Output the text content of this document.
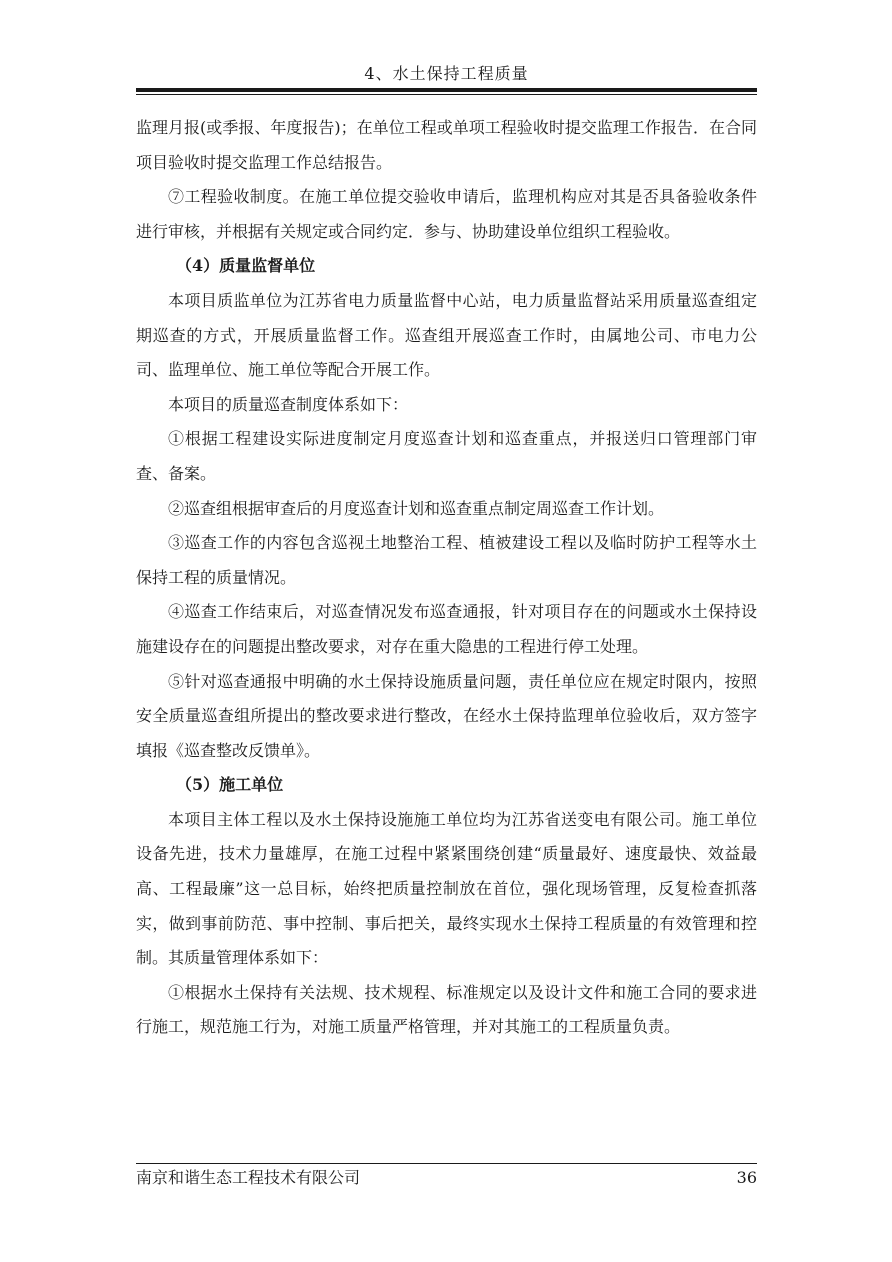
4、水土保持工程质量

监理月报(或季报、年度报告)；在单位工程或单项工程验收时提交监理工作报告．在合同项目验收时提交监理工作总结报告。

⑦工程验收制度。在施工单位提交验收申请后，监理机构应对其是否具备验收条件进行审核，并根据有关规定或合同约定．参与、协助建设单位组织工程验收。

（4）质量监督单位

本项目质监单位为江苏省电力质量监督中心站，电力质量监督站采用质量巡查组定期巡查的方式，开展质量监督工作。巡查组开展巡查工作时，由属地公司、市电力公司、监理单位、施工单位等配合开展工作。

本项目的质量巡查制度体系如下：

①根据工程建设实际进度制定月度巡查计划和巡查重点，并报送归口管理部门审查、备案。

②巡查组根据审查后的月度巡查计划和巡查重点制定周巡查工作计划。

③巡查工作的内容包含巡视土地整治工程、植被建设工程以及临时防护工程等水土保持工程的质量情况。

④巡查工作结束后，对巡查情况发布巡查通报，针对项目存在的问题或水土保持设施建设存在的问题提出整改要求，对存在重大隐患的工程进行停工处理。

⑤针对巡查通报中明确的水土保持设施质量问题，责任单位应在规定时限内，按照安全质量巡查组所提出的整改要求进行整改，在经水土保持监理单位验收后，双方签字填报《巡查整改反馈单》。

（5）施工单位

本项目主体工程以及水土保持设施施工单位均为江苏省送变电有限公司。施工单位设备先进，技术力量雄厚，在施工过程中紧紧围绕创建“质量最好、速度最快、效益最高、工程最廉”这一总目标，始终把质量控制放在首位，强化现场管理，反复检查抓落实，做到事前防范、事中控制、事后把关，最终实现水土保持工程质量的有效管理和控制。其质量管理体系如下：

①根据水土保持有关法规、技术规程、标准规定以及设计文件和施工合同的要求进行施工，规范施工行为，对施工质量严格管理，并对其施工的工程质量负责。

南京和谐生态工程技术有限公司	36
